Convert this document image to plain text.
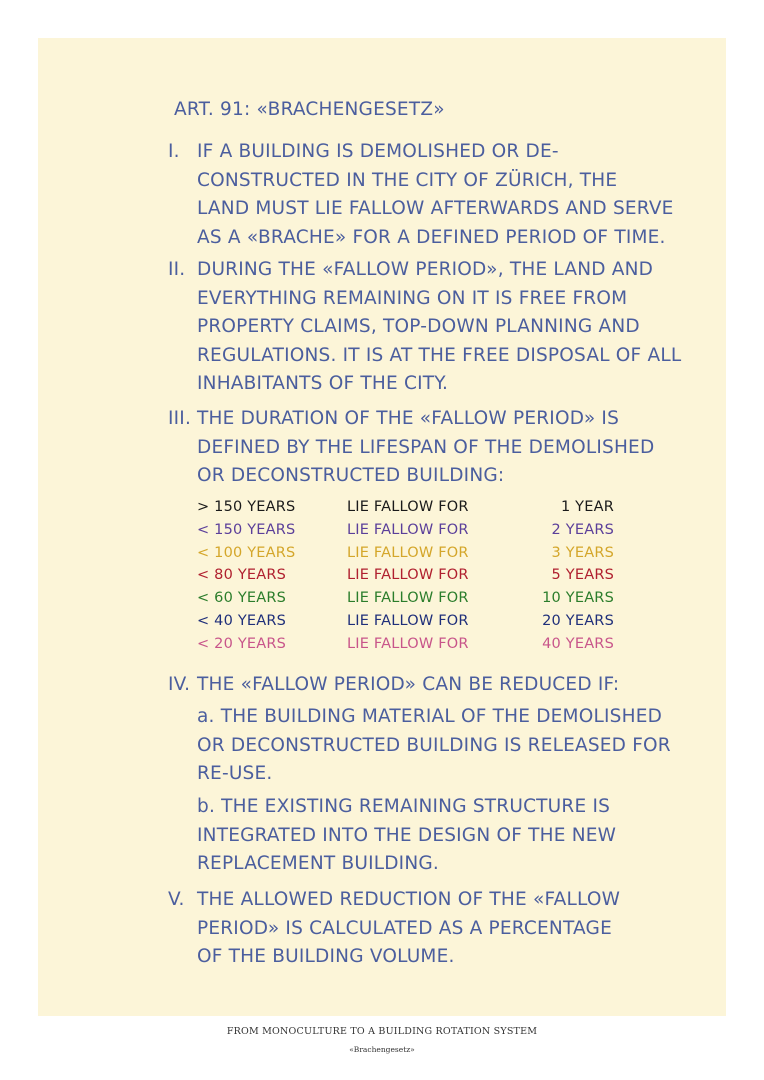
ART. 91: «BRACHENGESETZ»
I. IF A BUILDING IS DEMOLISHED OR DE-
CONSTRUCTED IN THE CITY OF ZÜRICH, THE
LAND MUST LIE FALLOW AFTERWARDS AND SERVE
AS A «BRACHE» FOR A DEFINED PERIOD OF TIME.
II. DURING THE «FALLOW PERIOD», THE LAND AND
EVERYTHING REMAINING ON IT IS FREE FROM
PROPERTY CLAIMS, TOP-DOWN PLANNING AND
REGULATIONS. IT IS AT THE FREE DISPOSAL OF ALL
INHABITANTS OF THE CITY.
III. THE DURATION OF THE «FALLOW PERIOD» IS
DEFINED BY THE LIFESPAN OF THE DEMOLISHED
OR DECONSTRUCTED BUILDING:
> 150 YEARS	LIE FALLOW FOR	1 YEAR
< 150 YEARS	LIE FALLOW FOR	2 YEARS
< 100 YEARS	LIE FALLOW FOR	3 YEARS
< 80 YEARS	LIE FALLOW FOR	5 YEARS
< 60 YEARS	LIE FALLOW FOR	10 YEARS
< 40 YEARS	LIE FALLOW FOR	20 YEARS
< 20 YEARS	LIE FALLOW FOR	40 YEARS
IV. THE «FALLOW PERIOD» CAN BE REDUCED IF:
a. THE BUILDING MATERIAL OF THE DEMOLISHED
OR DECONSTRUCTED BUILDING IS RELEASED FOR
RE-USE.
b. THE EXISTING REMAINING STRUCTURE IS
INTEGRATED INTO THE DESIGN OF THE NEW
REPLACEMENT BUILDING.
V. THE ALLOWED REDUCTION OF THE «FALLOW
PERIOD» IS CALCULATED AS A PERCENTAGE
OF THE BUILDING VOLUME.
FROM MONOCULTURE TO A BUILDING ROTATION SYSTEM
«Brachengesetz»
